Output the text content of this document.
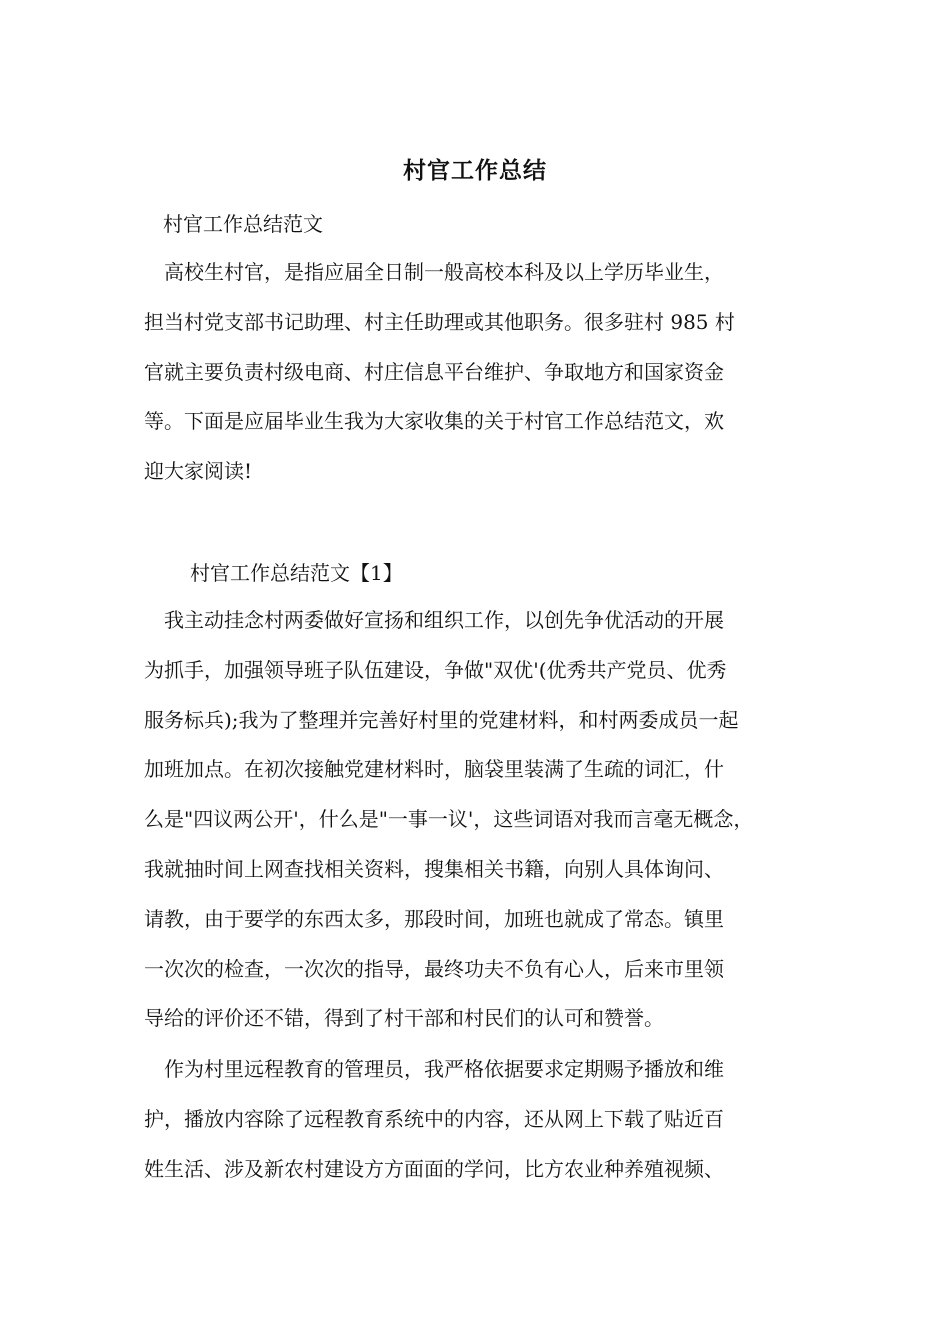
村官工作总结
村官工作总结范文
　高校生村官，是指应届全日制一般高校本科及以上学历毕业生，
担当村党支部书记助理、村主任助理或其他职务。很多驻村 985 村
官就主要负责村级电商、村庄信息平台维护、争取地方和国家资金
等。下面是应届毕业生我为大家收集的关于村官工作总结范文，欢
迎大家阅读!
村官工作总结范文【1】
　我主动挂念村两委做好宣扬和组织工作，以创先争优活动的开展
为抓手，加强领导班子队伍建设，争做"双优'(优秀共产党员、优秀
服务标兵);我为了整理并完善好村里的党建材料，和村两委成员一起
加班加点。在初次接触党建材料时，脑袋里装满了生疏的词汇，什
么是"四议两公开'，什么是"一事一议'，这些词语对我而言毫无概念，
我就抽时间上网查找相关资料，搜集相关书籍，向别人具体询问、
请教，由于要学的东西太多，那段时间，加班也就成了常态。镇里
一次次的检查，一次次的指导，最终功夫不负有心人，后来市里领
导给的评价还不错，得到了村干部和村民们的认可和赞誉。
　作为村里远程教育的管理员，我严格依据要求定期赐予播放和维
护，播放内容除了远程教育系统中的内容，还从网上下载了贴近百
姓生活、涉及新农村建设方方面面的学问，比方农业种养殖视频、
